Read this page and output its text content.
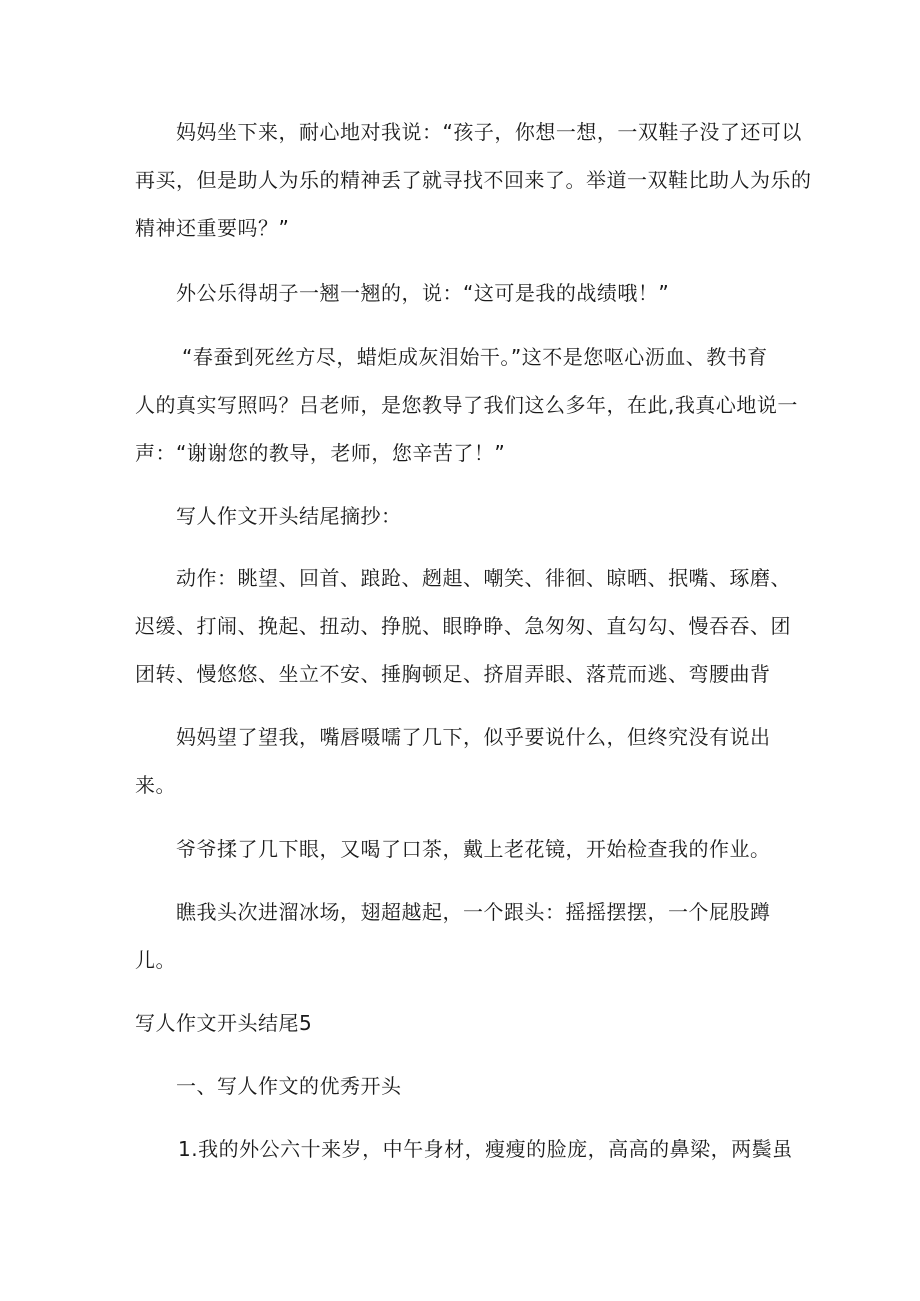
妈妈坐下来，耐心地对我说：“孩子，你想一想，一双鞋子没了还可以
再买，但是助人为乐的精神丢了就寻找不回来了。举道一双鞋比助人为乐的
精神还重要吗？”
外公乐得胡子一翘一翘的，说：“这可是我的战绩哦！”
“春蚕到死丝方尽，蜡炬成灰泪始干。”这不是您呕心沥血、教书育
人的真实写照吗？吕老师，是您教导了我们这么多年，在此,我真心地说一
声：“谢谢您的教导，老师，您辛苦了！”
写人作文开头结尾摘抄：
动作：眺望、回首、踉跄、趔趄、嘲笑、徘徊、晾晒、抿嘴、琢磨、
迟缓、打闹、挽起、扭动、挣脱、眼睁睁、急匆匆、直勾勾、慢吞吞、团
团转、慢悠悠、坐立不安、捶胸顿足、挤眉弄眼、落荒而逃、弯腰曲背
妈妈望了望我，嘴唇嗫嚅了几下，似乎要说什么，但终究没有说出
来。
爷爷揉了几下眼，又喝了口茶，戴上老花镜，开始检查我的作业。
瞧我头次进溜冰场，翅超越起，一个跟头：摇摇摆摆，一个屁股蹲
儿。
写人作文开头结尾5
一、写人作文的优秀开头
1.我的外公六十来岁，中午身材，瘦瘦的脸庞，高高的鼻梁，两鬓虽
